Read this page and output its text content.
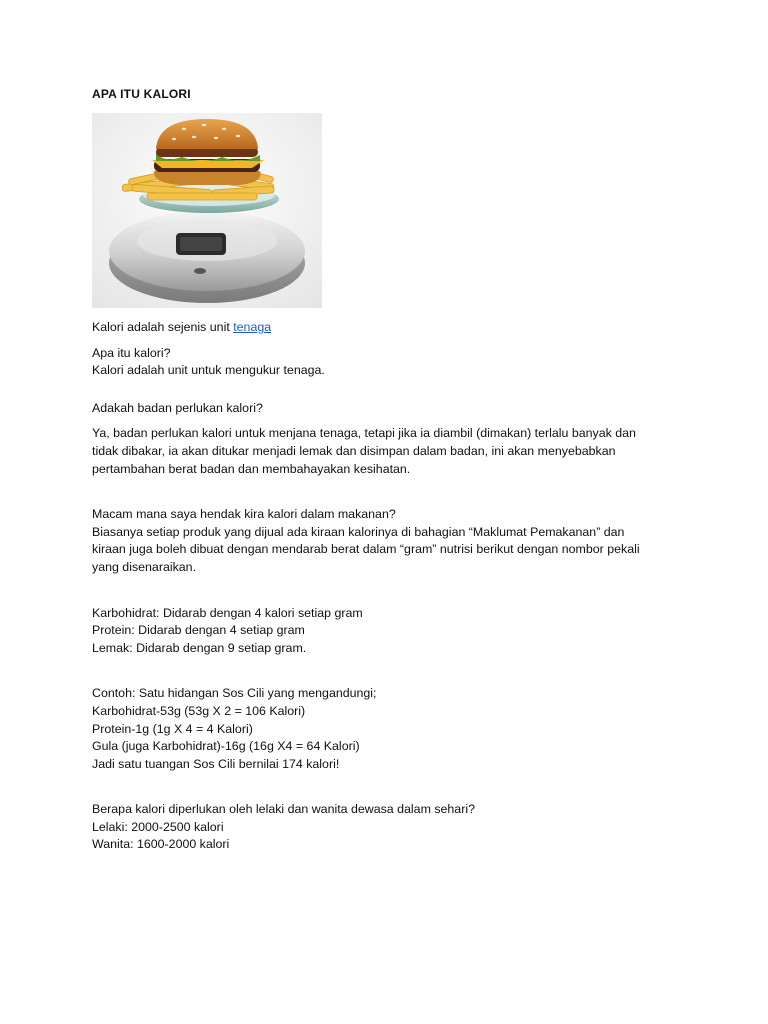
APA ITU KALORI

Kalori adalah sejenis unit tenaga

Apa itu kalori?

Kalori adalah unit untuk mengukur tenaga.

Adakah badan perlukan kalori?

Ya, badan perlukan kalori untuk menjana tenaga, tetapi jika ia diambil (dimakan) terlalu banyak dan

tidak dibakar, ia akan ditukar menjadi lemak dan disimpan dalam badan, ini akan menyebabkan

pertambahan berat badan dan membahayakan kesihatan.

Macam mana saya hendak kira kalori dalam makanan?

Biasanya setiap produk yang dijual ada kiraan kalorinya di bahagian “Maklumat Pemakanan” dan

kiraan juga boleh dibuat dengan mendarab berat dalam “gram” nutrisi berikut dengan nombor pekali

yang disenaraikan.

Karbohidrat: Didarab dengan 4 kalori setiap gram

Protein: Didarab dengan 4 setiap gram

Lemak: Didarab dengan 9 setiap gram.

Contoh: Satu hidangan Sos Cili yang mengandungi;

Karbohidrat-53g (53g X 2 = 106 Kalori)

Protein-1g (1g X 4 = 4 Kalori)

Gula (juga Karbohidrat)-16g (16g X4 = 64 Kalori)

Jadi satu tuangan Sos Cili bernilai 174 kalori!

Berapa kalori diperlukan oleh lelaki dan wanita dewasa dalam sehari?

Lelaki: 2000-2500 kalori

Wanita: 1600-2000 kalori
